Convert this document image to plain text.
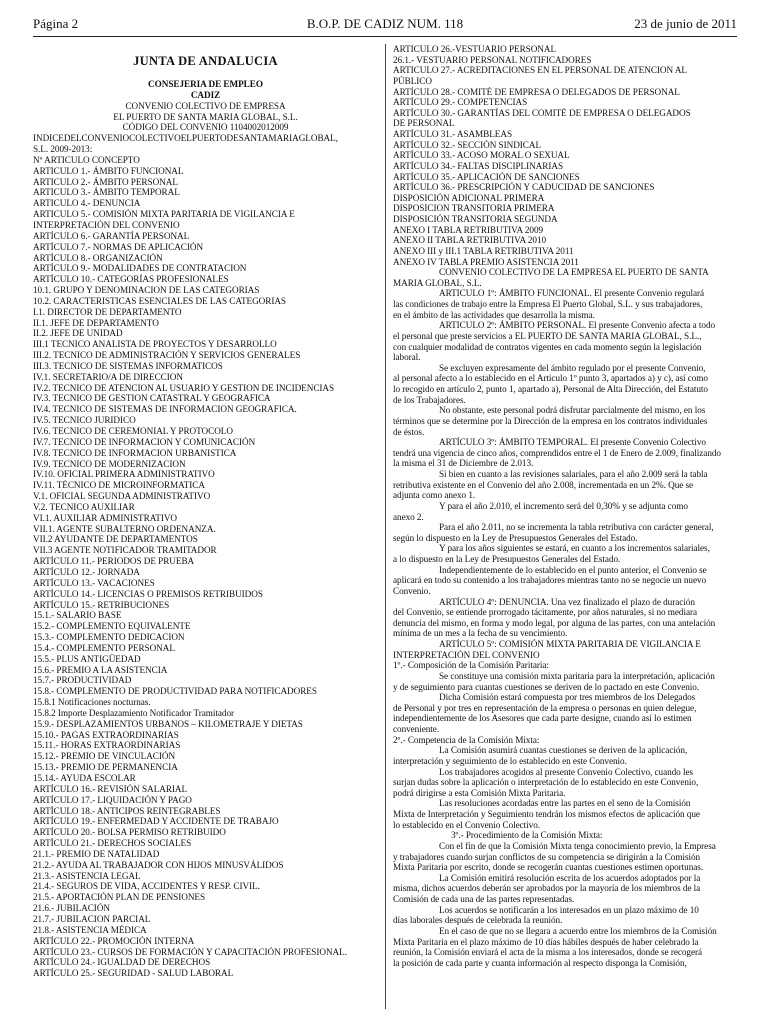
Página 2	B.O.P. DE CADIZ NUM. 118	23 de junio de 2011
JUNTA DE ANDALUCIA
CONSEJERIA DE EMPLEO
CADIZ
CONVENIO COLECTIVO DE EMPRESA
EL PUERTO DE SANTA MARIA GLOBAL, S.L.
CÓDIGO DEL CONVENIO 1104002012009
INDICEDELCONVENIOCOLECTIVOELPUERTODESANTAMARIAGLOBAL,
S.L. 2009-2013:
Nº ARTICULO CONCEPTO
ARTICULO 1.- ÁMBITO FUNCIONAL
ARTICULO 2.- ÁMBITO PERSONAL
ARTICULO 3.- ÁMBITO TEMPORAL
ARTICULO 4.- DENUNCIA
ARTICULO 5.- COMISIÓN MIXTA PARITARIA DE VIGILANCIA E
INTERPRETACIÓN DEL CONVENIO
ARTÍCULO 6.- GARANTÍA PERSONAL
ARTÍCULO 7.- NORMAS DE APLICACIÓN
ARTÍCULO 8.- ORGANIZACIÓN
ARTÍCULO 9.- MODALIDADES DE CONTRATACION
ARTÍCULO 10.- CATEGORÍAS PROFESIONALES
10.1. GRUPO Y DENOMINACION DE LAS CATEGORIAS
10.2. CARACTERISTICAS ESENCIALES DE LAS CATEGORIAS
I.1. DIRECTOR DE DEPARTAMENTO
II.1. JEFE DE DEPARTAMENTO
II.2. JEFE DE UNIDAD
III.1 TECNICO ANALISTA DE PROYECTOS Y DESARROLLO
III.2. TECNICO DE ADMINISTRACIÓN Y SERVICIOS GENERALES
III.3. TECNICO DE SISTEMAS INFORMATICOS
IV.1. SECRETARIO/A DE DIRECCION
IV.2. TECNICO DE ATENCION AL USUARIO Y GESTION DE INCIDENCIAS
IV.3. TECNICO DE GESTION CATASTRAL Y GEOGRAFICA
IV.4. TECNICO DE SISTEMAS DE INFORMACION GEOGRAFICA.
IV.5. TECNICO JURIDICO
IV.6. TECNICO DE CEREMONIAL Y PROTOCOLO
IV.7. TECNICO DE INFORMACION Y COMUNICACIÓN
IV.8. TECNICO DE INFORMACION URBANISTICA
IV.9. TECNICO DE MODERNIZACION
IV.10. OFICIAL PRIMERA ADMINISTRATIVO
IV.11. TÉCNICO DE MICROINFORMATICA
V.1. OFICIAL SEGUNDA ADMINISTRATIVO
V.2. TECNICO AUXILIAR
VI.1. AUXILIAR ADMINISTRATIVO
VII.1. AGENTE SUBALTERNO ORDENANZA.
VII.2 AYUDANTE DE DEPARTAMENTOS
VII.3 AGENTE NOTIFICADOR TRAMITADOR
ARTÍCULO 11.- PERIODOS DE PRUEBA
ARTÍCULO 12.- JORNADA
ARTÍCULO 13.- VACACIONES
ARTÍCULO 14.- LICENCIAS O PREMISOS RETRIBUIDOS
ARTÍCULO 15.- RETRIBUCIONES
15.1.- SALARIO BASE
15.2.- COMPLEMENTO EQUIVALENTE
15.3.- COMPLEMENTO DEDICACION
15.4.- COMPLEMENTO PERSONAL
15.5.- PLUS ANTIGÜEDAD
15.6.- PREMIO A LA ASISTENCIA
15.7.- PRODUCTIVIDAD
15.8.- COMPLEMENTO DE PRODUCTIVIDAD PARA NOTIFICADORES
15.8.1 Notificaciones nocturnas.
15.8.2 Importe Desplazamiento Notificador Tramitador
15.9.- DESPLAZAMIENTOS URBANOS – KILOMETRAJE Y DIETAS
15.10.- PAGAS EXTRAORDINARIAS
15.11.- HORAS EXTRAORDINARIAS
15.12.- PREMIO DE VINCULACIÓN
15.13.- PREMIO DE PERMANENCIA
15.14.- AYUDA ESCOLAR
ARTÍCULO 16.- REVISIÓN SALARIAL
ARTÍCULO 17.- LIQUIDACIÓN Y PAGO
ARTÍCULO 18.- ANTICIPOS REINTEGRABLES
ARTÍCULO 19.- ENFERMEDAD Y ACCIDENTE DE TRABAJO
ARTÍCULO 20.- BOLSA PERMISO RETRIBUIDO
ARTÍCULO 21.- DERECHOS SOCIALES
21.1.- PREMIO DE NATALIDAD
21.2.- AYUDA AL TRABAJADOR CON HIJOS MINUSVÁLIDOS
21.3.- ASISTENCIA LEGAL
21.4.- SEGUROS DE VIDA, ACCIDENTES Y RESP. CIVIL.
21.5.- APORTACIÓN PLAN DE PENSIONES
21.6.- JUBILACIÓN
21.7.- JUBILACION PARCIAL
21.8.- ASISTENCIA MÉDICA
ARTÍCULO 22.- PROMOCIÓN INTERNA
ARTÍCULO 23.- CURSOS DE FORMACIÓN Y CAPACITACIÓN PROFESIONAL.
ARTÍCULO 24.- IGUALDAD DE DERECHOS
ARTÍCULO 25.- SEGURIDAD - SALUD LABORAL
ARTICULO 26.-VESTUARIO PERSONAL
26.1.- VESTUARIO PERSONAL NOTIFICADORES
ARTICULO 27.- ACREDITACIONES EN EL PERSONAL DE ATENCION AL
PÚBLICO
ARTÍCULO 28.- COMITÉ DE EMPRESA O DELEGADOS DE PERSONAL
ARTÍCULO 29.- COMPETENCIAS
ARTÍCULO 30.- GARANTÍAS DEL COMITÉ DE EMPRESA O DELEGADOS
DE PERSONAL
ARTÍCULO 31.- ASAMBLEAS
ARTÍCULO 32.- SECCIÓN SINDICAL
ARTÍCULO 33.- ACOSO MORAL O SEXUAL
ARTÍCULO 34.- FALTAS DISCIPLINARIAS
ARTÍCULO 35.- APLICACIÓN DE SANCIONES
ARTÍCULO 36.- PRESCRIPCIÓN Y CADUCIDAD DE SANCIONES
DISPOSICIÓN ADICIONAL PRIMERA
DISPOSICION TRANSITORIA PRIMERA
DISPOSICIÓN TRANSITORIA SEGUNDA
ANEXO I TABLA RETRIBUTIVA 2009
ANEXO II TABLA RETRIBUTIVA 2010
ANEXO III y III.1 TABLA RETRIBUTIVA 2011
ANEXO IV TABLA PREMIO ASISTENCIA 2011
CONVENIO COLECTIVO DE LA EMPRESA EL PUERTO DE SANTA
MARIA GLOBAL, S.L.
ARTICULO 1º: ÁMBITO FUNCIONAL. El presente Convenio regulará
las condiciones de trabajo entre la Empresa El Puerto Global, S.L. y sus trabajadores,
en el ámbito de las actividades que desarrolla la misma.
ARTICULO 2º: ÁMBITO PERSONAL. El presente Convenio afecta a todo
el personal que preste servicios a EL PUERTO DE SANTA MARIA GLOBAL, S.L.,
con cualquier modalidad de contratos vigentes en cada momento según la legislación
laboral.
Se excluyen expresamente del ámbito regulado por el presente Convenio,
al personal afecto a lo establecido en el Artículo 1º punto 3, apartados a) y c), así como
lo recogido en artículo 2, punto 1, apartado a), Personal de Alta Dirección, del Estatuto
de los Trabajadores.
No obstante, este personal podrá disfrutar parcialmente del mismo, en los
términos que se determine por la Dirección de la empresa en los contratos individuales
de éstos.
ARTÍCULO 3º: ÁMBITO TEMPORAL. El presente Convenio Colectivo
tendrá una vigencia de cinco años, comprendidos entre el 1 de Enero de 2.009, finalizando
la misma el 31 de Diciembre de 2.013.
Si bien en cuanto a las revisiones salariales, para el año 2.009 será la tabla
retributiva existente en el Convenio del año 2.008, incrementada en un 2%. Que se
adjunta como anexo 1.
Y para el año 2.010, el incremento será del 0,30% y se adjunta como
anexo 2.
Para el año 2.011, no se incrementa la tabla retributiva con carácter general,
según lo dispuesto en la Ley de Presupuestos Generales del Estado.
Y para los años siguientes se estará, en cuanto a los incrementos salariales,
a lo dispuesto en la Ley de Presupuestos Generales del Estado.
Independientemente de lo establecido en el punto anterior, el Convenio se
aplicará en todo su contenido a los trabajadores mientras tanto no se negocie un nuevo
Convenio.
ARTÍCULO 4º: DENUNCIA. Una vez finalizado el plazo de duración
del Convenio, se entiende prorrogado tácitamente, por años naturales, si no mediara
denuncia del mismo, en forma y modo legal, por alguna de las partes, con una antelación
mínima de un mes a la fecha de su vencimiento.
ARTÍCULO 5º: COMISIÓN MIXTA PARITARIA DE VIGILANCIA E
INTERPRETACIÓN DEL CONVENIO
1º.- Composición de la Comisión Paritaria:
Se constituye una comisión mixta paritaria para la interpretación, aplicación
y de seguimiento para cuantas cuestiones se deriven de lo pactado en este Convenio.
Dicha Comisión estará compuesta por tres miembros de los Delegados
de Personal y por tres en representación de la empresa o personas en quien delegue,
independientemente de los Asesores que cada parte designe, cuando así lo estimen
conveniente.
2º.- Competencia de la Comisión Mixta:
La Comisión asumirá cuantas cuestiones se deriven de la aplicación,
interpretación y seguimiento de lo establecido en este Convenio.
Los trabajadores acogidos al presente Convenio Colectivo, cuando les
surjan dudas sobre la aplicación o interpretación de lo establecido en este Convenio,
podrá dirigirse a esta Comisión Mixta Paritaria.
Las resoluciones acordadas entre las partes en el seno de la Comisión
Mixta de Interpretación y Seguimiento tendrán los mismos efectos de aplicación que
lo establecido en el Convenio Colectivo.
3º.- Procedimiento de la Comisión Mixta:
Con el fin de que la Comisión Mixta tenga conocimiento previo, la Empresa
y trabajadores cuando surjan conflictos de su competencia se dirigirán a la Comisión
Mixta Paritaria por escrito, donde se recogerán cuantas cuestiones estimen oportunas.
La Comisión emitirá resolución escrita de los acuerdos adoptados por la
misma, dichos acuerdos deberán ser aprobados por la mayoría de los miembros de la
Comisión de cada una de las partes representadas.
Los acuerdos se notificarán a los interesados en un plazo máximo de 10
días laborales después de celebrada la reunión.
En el caso de que no se llegara a acuerdo entre los miembros de la Comisión
Mixta Paritaria en el plazo máximo de 10 días hábiles después de haber celebrado la
reunión, la Comisión enviará el acta de la misma a los interesados, donde se recogerá
la posición de cada parte y cuanta información al respecto disponga la Comisión,
